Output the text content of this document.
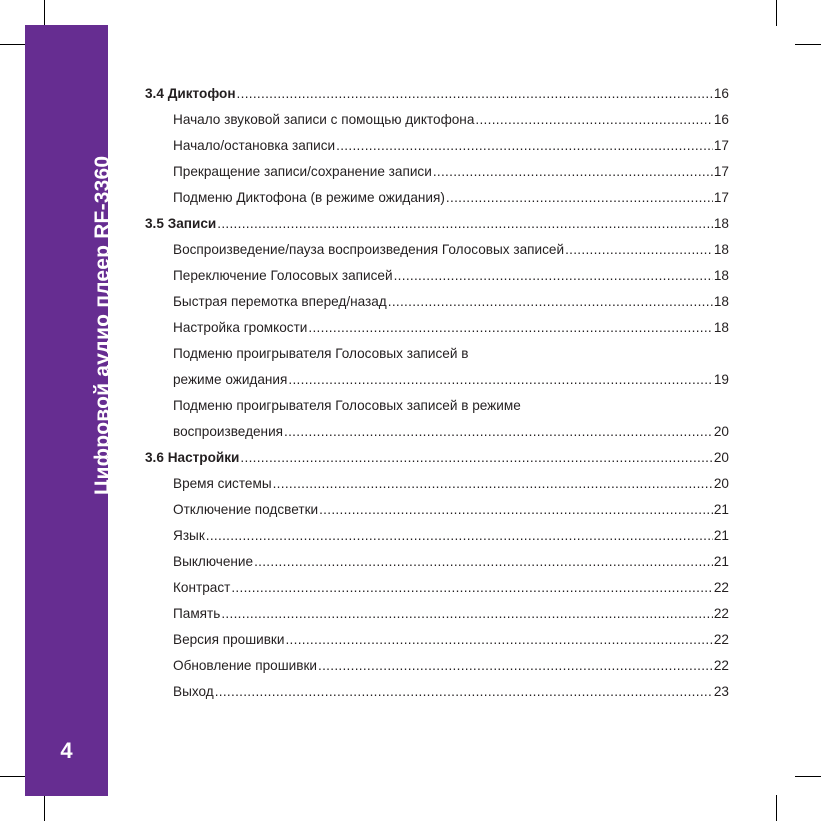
Цифровой аудио плеер RF-3360
4
3.4 Диктофон .....	16
Начало звуковой записи с помощью диктофона .....	16
Начало/остановка записи .....	17
Прекращение записи/сохранение записи .....	17
Подменю Диктофона (в режиме ожидания) .....	17
3.5 Записи .....	18
Воспроизведение/пауза воспроизведения Голосовых записей .....	18
Переключение Голосовых записей .....	18
Быстрая перемотка вперед/назад .....	18
Настройка громкости .....	18
Подменю проигрывателя Голосовых записей в
режиме ожидания .....	19
Подменю проигрывателя Голосовых записей в режиме
воспроизведения .....	20
3.6 Настройки .....	20
Время системы .....	20
Отключение подсветки .....	21
Язык .....	21
Выключение .....	21
Контраст .....	22
Память .....	22
Версия прошивки .....	22
Обновление прошивки .....	22
Выход .....	23
